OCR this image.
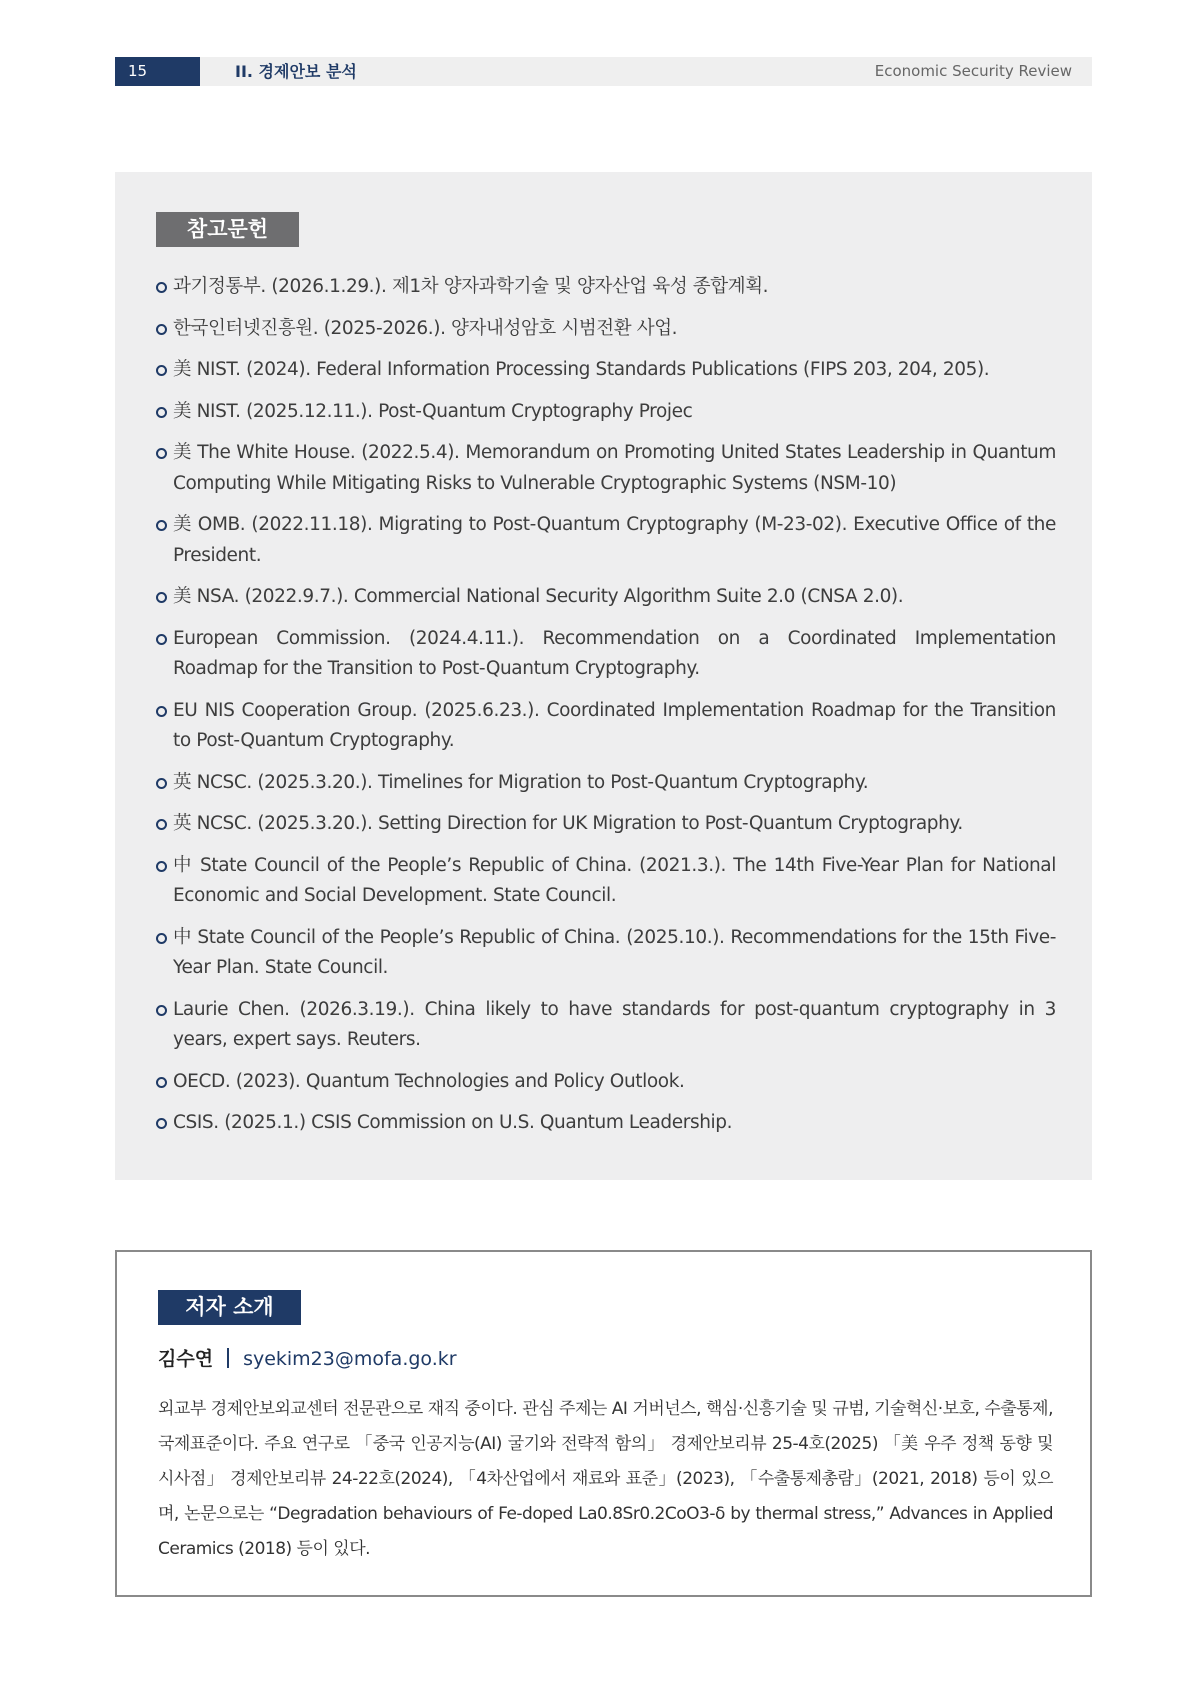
15	II. 경제안보 분석	Economic Security Review
참고문헌
과기정통부. (2026.1.29.). 제1차 양자과학기술 및 양자산업 육성 종합계획.
한국인터넷진흥원. (2025-2026.). 양자내성암호 시범전환 사업.
美 NIST. (2024). Federal Information Processing Standards Publications (FIPS 203, 204, 205).
美 NIST. (2025.12.11.). Post-Quantum Cryptography Projec
美 The White House. (2022.5.4). Memorandum on Promoting United States Leadership in Quantum Computing While Mitigating Risks to Vulnerable Cryptographic Systems (NSM-10)
美 OMB. (2022.11.18). Migrating to Post-Quantum Cryptography (M-23-02). Executive Office of the President.
美 NSA. (2022.9.7.). Commercial National Security Algorithm Suite 2.0 (CNSA 2.0).
European Commission. (2024.4.11.). Recommendation on a Coordinated Implementation Roadmap for the Transition to Post-Quantum Cryptography.
EU NIS Cooperation Group. (2025.6.23.). Coordinated Implementation Roadmap for the Transition to Post-Quantum Cryptography.
英 NCSC. (2025.3.20.). Timelines for Migration to Post-Quantum Cryptography.
英 NCSC. (2025.3.20.). Setting Direction for UK Migration to Post-Quantum Cryptography.
中 State Council of the People’s Republic of China. (2021.3.). The 14th Five-Year Plan for National Economic and Social Development. State Council.
中 State Council of the People’s Republic of China. (2025.10.). Recommendations for the 15th Five-Year Plan. State Council.
Laurie Chen. (2026.3.19.). China likely to have standards for post-quantum cryptography in 3 years, expert says. Reuters.
OECD. (2023). Quantum Technologies and Policy Outlook.
CSIS. (2025.1.) CSIS Commission on U.S. Quantum Leadership.
저자 소개
김수연 syekim23@mofa.go.kr

외교부 경제안보외교센터 전문관으로 재직 중이다. 관심 주제는 AI 거버넌스, 핵심·신흥기술 및 규범, 기술혁신·보호, 수출통제, 국제표준이다. 주요 연구로 「중국 인공지능(AI) 굴기와 전략적 함의」 경제안보리뷰 25-4호(2025) 「美 우주 정책 동향 및 시사점」 경제안보리뷰 24-22호(2024), 「4차산업에서 재료와 표준」(2023), 「수출통제총람」(2021, 2018) 등이 있으며, 논문으로는 “Degradation behaviours of Fe-doped La0.8Sr0.2CoO3-δ by thermal stress,” Advances in Applied Ceramics (2018) 등이 있다.
